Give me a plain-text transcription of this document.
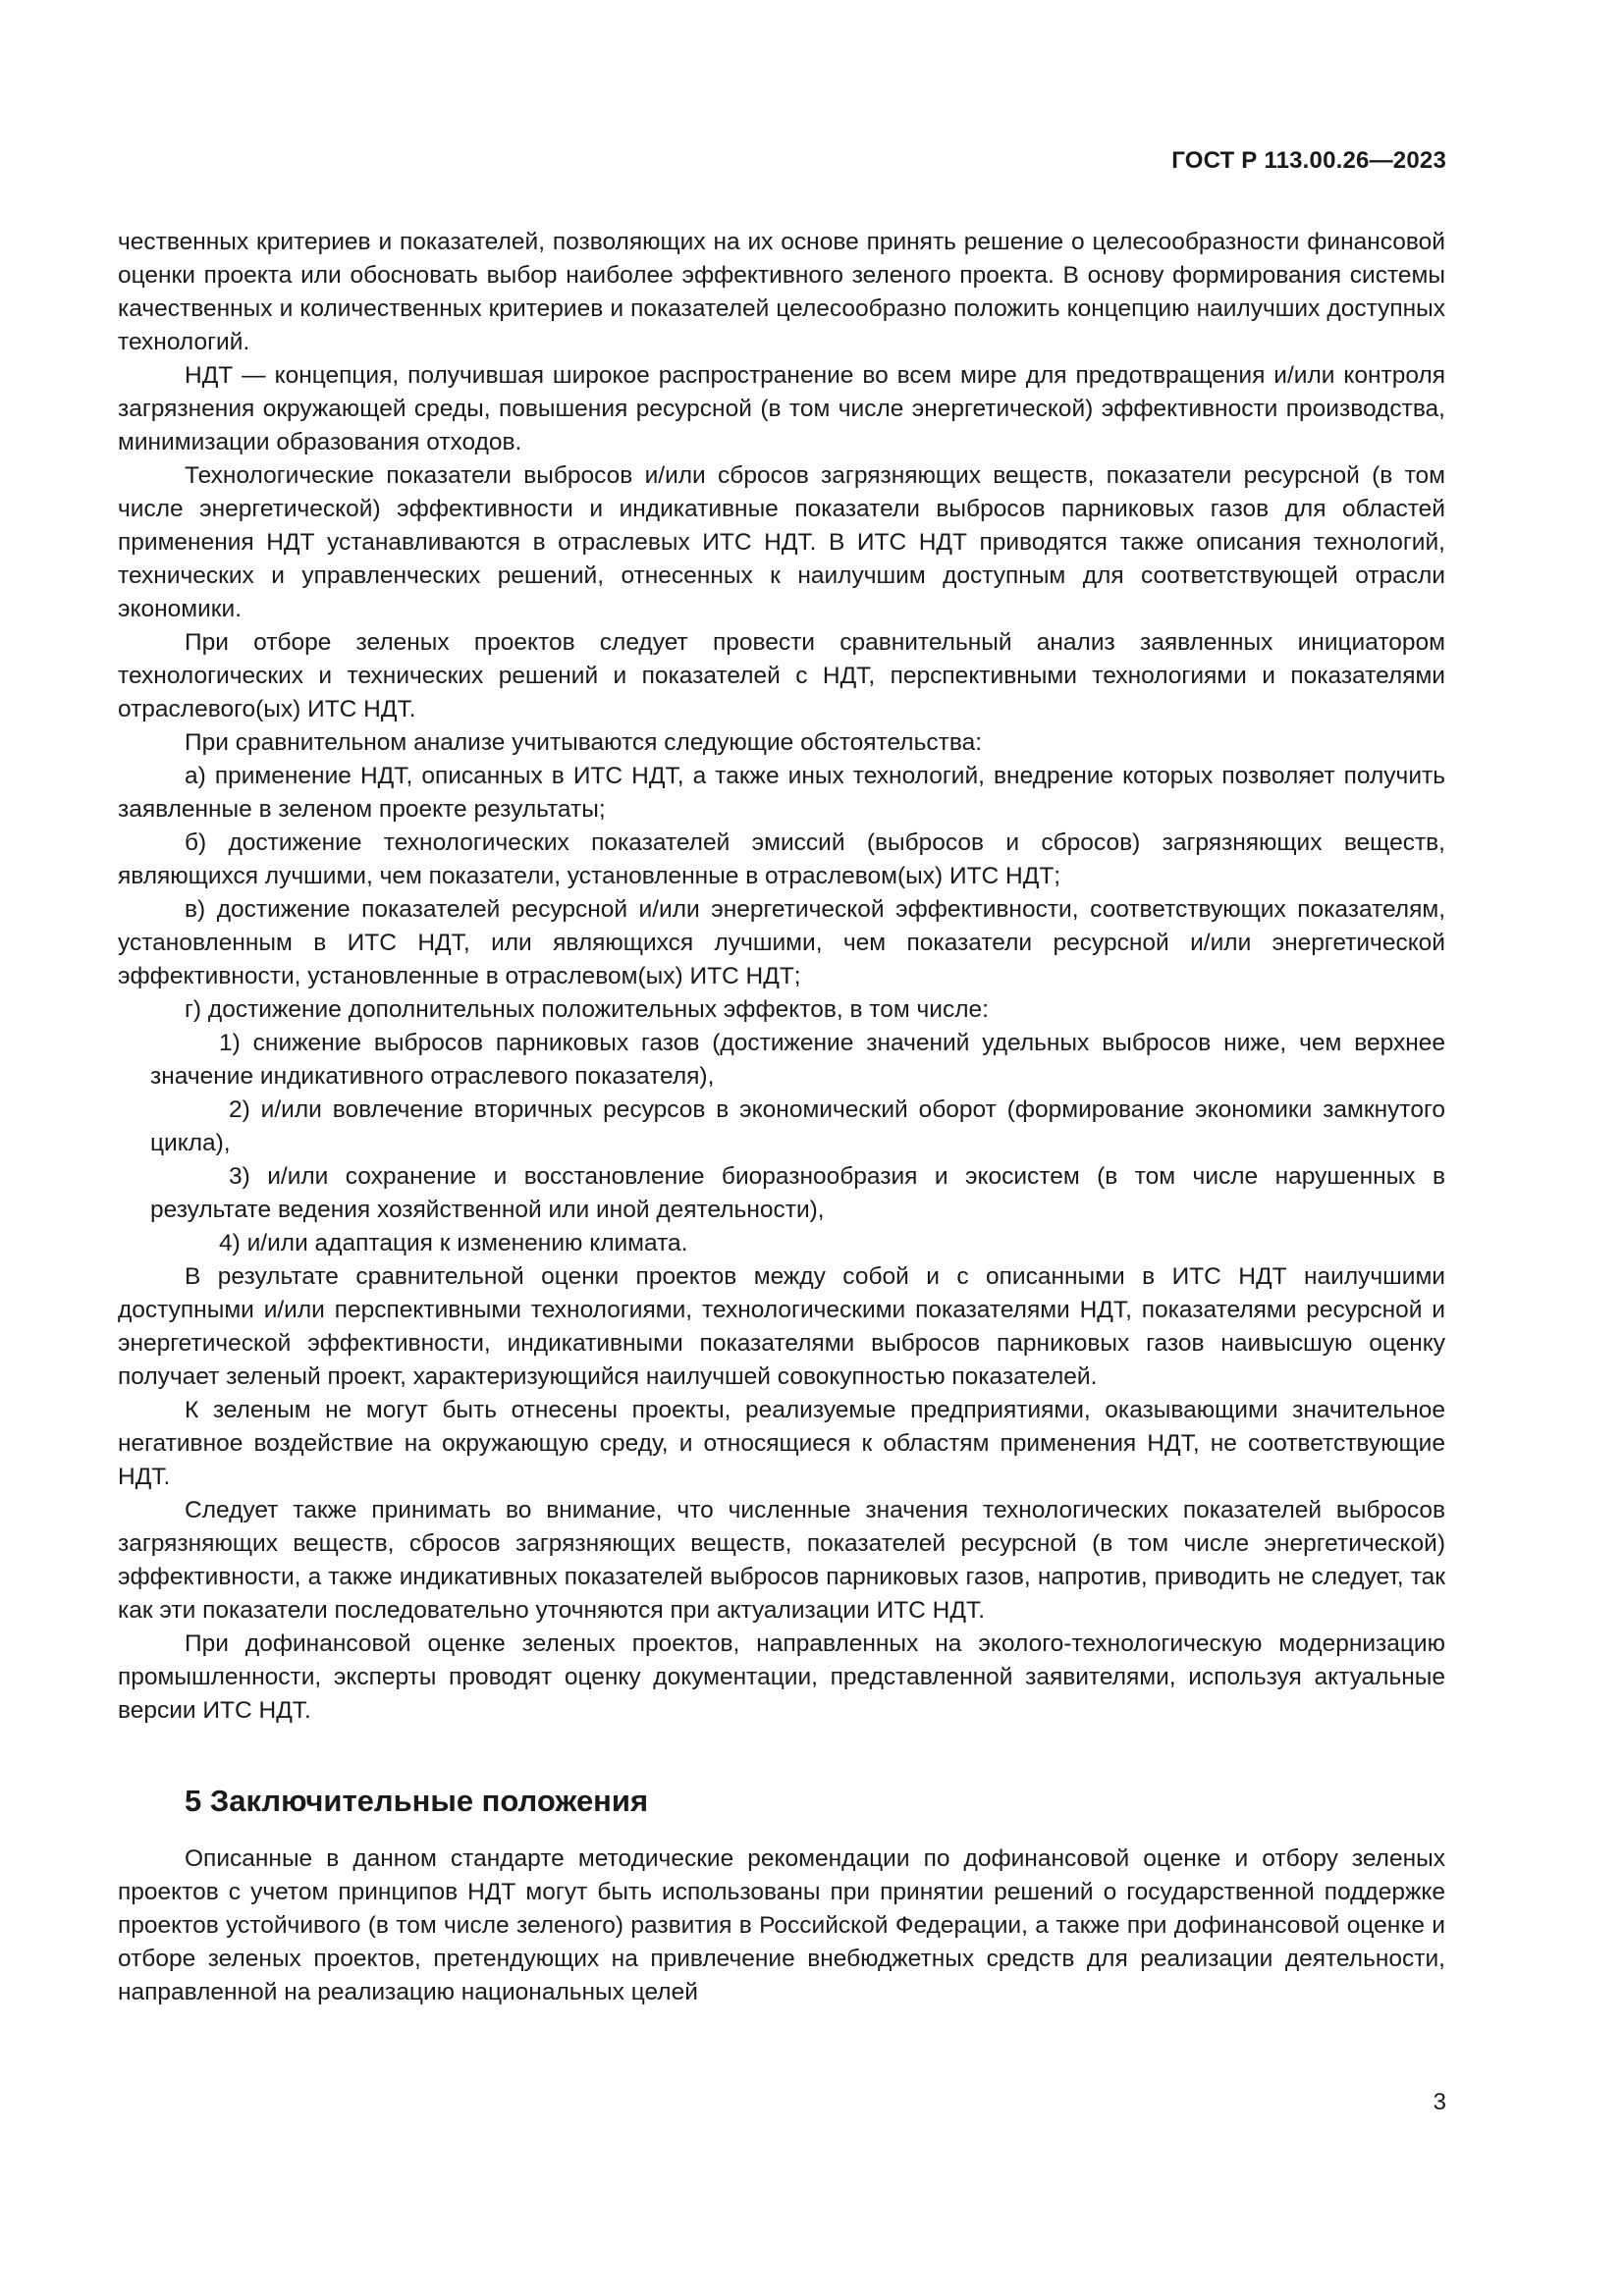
ГОСТ Р 113.00.26—2023

чественных критериев и показателей, позволяющих на их основе принять решение о целесообразности финансовой оценки проекта или обосновать выбор наиболее эффективного зеленого проекта. В основу формирования системы качественных и количественных критериев и показателей целесообразно положить концепцию наилучших доступных технологий.

НДТ — концепция, получившая широкое распространение во всем мире для предотвращения и/или контроля загрязнения окружающей среды, повышения ресурсной (в том числе энергетической) эффективности производства, минимизации образования отходов.

Технологические показатели выбросов и/или сбросов загрязняющих веществ, показатели ресурсной (в том числе энергетической) эффективности и индикативные показатели выбросов парниковых газов для областей применения НДТ устанавливаются в отраслевых ИТС НДТ. В ИТС НДТ приводятся также описания технологий, технических и управленческих решений, отнесенных к наилучшим доступным для соответствующей отрасли экономики.

При отборе зеленых проектов следует провести сравнительный анализ заявленных инициатором технологических и технических решений и показателей с НДТ, перспективными технологиями и показателями отраслевого(ых) ИТС НДТ.

При сравнительном анализе учитываются следующие обстоятельства:

а) применение НДТ, описанных в ИТС НДТ, а также иных технологий, внедрение которых позволяет получить заявленные в зеленом проекте результаты;

б) достижение технологических показателей эмиссий (выбросов и сбросов) загрязняющих веществ, являющихся лучшими, чем показатели, установленные в отраслевом(ых) ИТС НДТ;

в) достижение показателей ресурсной и/или энергетической эффективности, соответствующих показателям, установленным в ИТС НДТ, или являющихся лучшими, чем показатели ресурсной и/или энергетической эффективности, установленные в отраслевом(ых) ИТС НДТ;

г) достижение дополнительных положительных эффектов, в том числе:

1) снижение выбросов парниковых газов (достижение значений удельных выбросов ниже, чем верхнее значение индикативного отраслевого показателя),

2) и/или вовлечение вторичных ресурсов в экономический оборот (формирование экономики замкнутого цикла),

3) и/или сохранение и восстановление биоразнообразия и экосистем (в том числе нарушенных в результате ведения хозяйственной или иной деятельности),

4) и/или адаптация к изменению климата.

В результате сравнительной оценки проектов между собой и с описанными в ИТС НДТ наилучшими доступными и/или перспективными технологиями, технологическими показателями НДТ, показателями ресурсной и энергетической эффективности, индикативными показателями выбросов парниковых газов наивысшую оценку получает зеленый проект, характеризующийся наилучшей совокупностью показателей.

К зеленым не могут быть отнесены проекты, реализуемые предприятиями, оказывающими значительное негативное воздействие на окружающую среду, и относящиеся к областям применения НДТ, не соответствующие НДТ.

Следует также принимать во внимание, что численные значения технологических показателей выбросов загрязняющих веществ, сбросов загрязняющих веществ, показателей ресурсной (в том числе энергетической) эффективности, а также индикативных показателей выбросов парниковых газов, напротив, приводить не следует, так как эти показатели последовательно уточняются при актуализации ИТС НДТ.

При дофинансовой оценке зеленых проектов, направленных на эколого-технологическую модернизацию промышленности, эксперты проводят оценку документации, представленной заявителями, используя актуальные версии ИТС НДТ.

5 Заключительные положения

Описанные в данном стандарте методические рекомендации по дофинансовой оценке и отбору зеленых проектов с учетом принципов НДТ могут быть использованы при принятии решений о государственной поддержке проектов устойчивого (в том числе зеленого) развития в Российской Федерации, а также при дофинансовой оценке и отборе зеленых проектов, претендующих на привлечение внебюджетных средств для реализации деятельности, направленной на реализацию национальных целей

3
